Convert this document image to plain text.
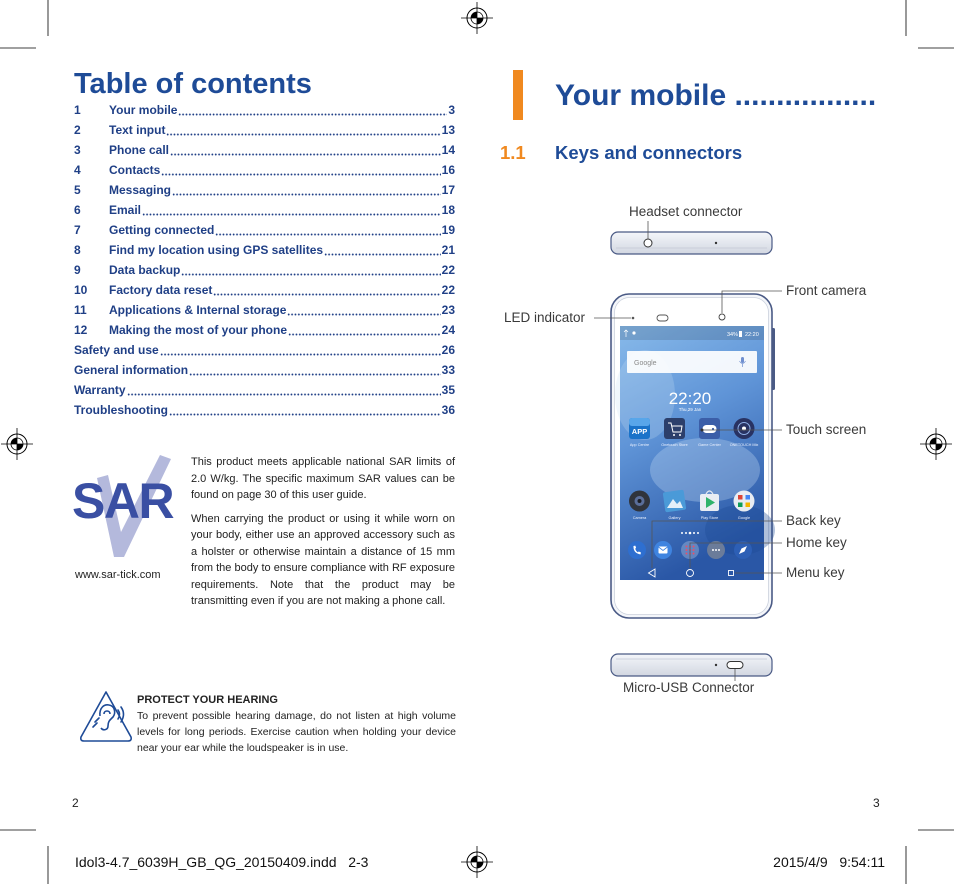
SAR
34% 22:20
Google
22:20
Thu,29 Jan
APP
App Centre	Onetouch Store	Game Center ONETOUCH Mix
Camera	Gallery	Play Store	Google
Table of contents
1	Your mobile	3
2	Text input	13
3	Phone call	14
4	Contacts	16
5	Messaging	17
6	Email	18
7	Getting connected	19
8	Find my location using GPS satellites	21
9	Data backup	22
10	Factory data reset	22
11	Applications & Internal storage	23
12	Making the most of your phone	24
Safety and use	26
General information	33
Warranty	35
Troubleshooting	36

This product meets applicable national SAR limits of 2.0 W/kg. The specific maximum SAR values can be found on page 30 of this user guide.

When carrying the product or using it while worn on your body, either use an approved accessory such as a holster or otherwise maintain a distance of 15 mm from the body to ensure compliance with RF exposure requirements. Note that the product may be transmitting even if you are not making a phone call.

www.sar-tick.com
PROTECT YOUR HEARING
To prevent possible hearing damage, do not listen at high volume levels for long periods. Exercise caution when holding your device near your ear while the loudspeaker is in use.
2
Your mobile .................
1.1 Keys and connectors
Headset connector
Front camera
LED indicator
Touch screen
Back key
Home key
Menu key
Micro-USB Connector
3
Idol3-4.7_6039H_GB_QG_20150409.indd   2-3	2015/4/9   9:54:11
